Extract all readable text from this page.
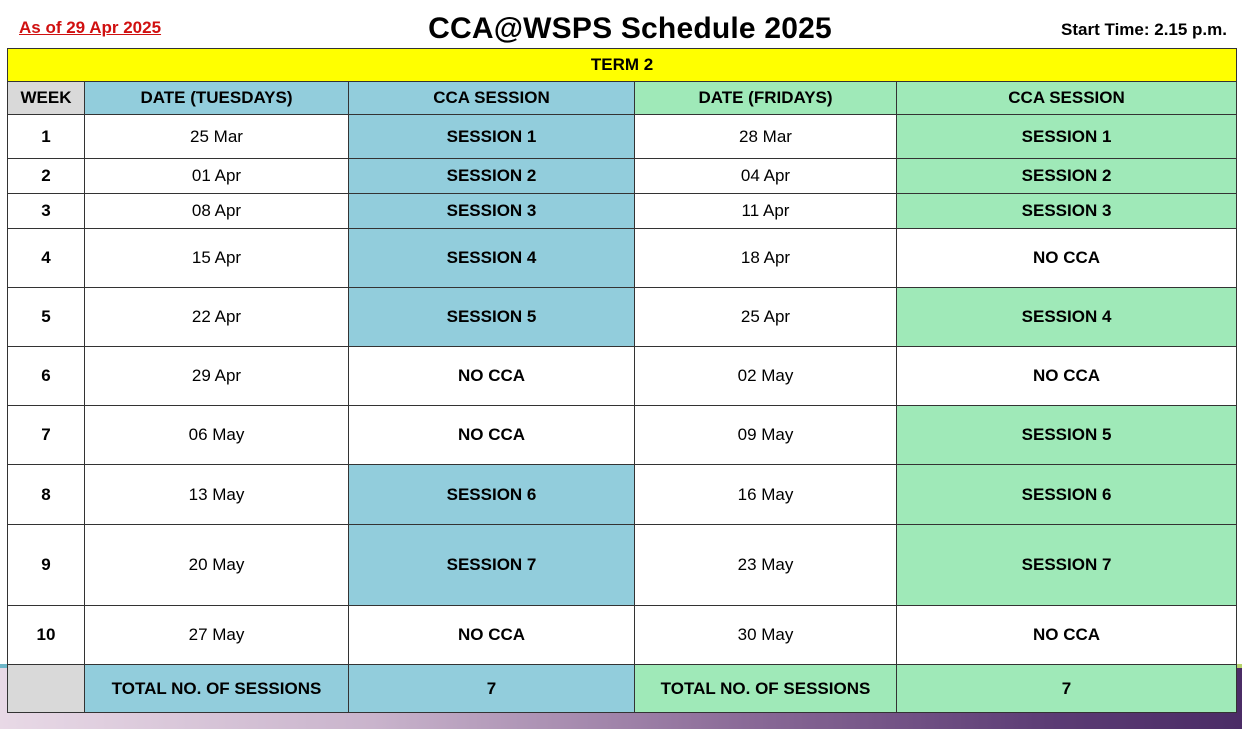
As of 29 Apr 2025	CCA@WSPS Schedule 2025	Start Time: 2.15 p.m.
TERM 2				
WEEK	DATE (TUESDAYS)	CCA SESSION	DATE (FRIDAYS)	CCA SESSION
1	25 Mar	SESSION 1	28 Mar	SESSION 1
2	01 Apr	SESSION 2	04 Apr	SESSION 2
3	08 Apr	SESSION 3	11 Apr	SESSION 3
4	15 Apr	SESSION 4	18 Apr	NO CCA
5	22 Apr	SESSION 5	25 Apr	SESSION 4
6	29 Apr	NO CCA	02 May	NO CCA
7	06 May	NO CCA	09 May	SESSION 5
8	13 May	SESSION 6	16 May	SESSION 6
9	20 May	SESSION 7	23 May	SESSION 7
10	27 May	NO CCA	30 May	NO CCA
	TOTAL NO. OF SESSIONS	7	TOTAL NO. OF SESSIONS	7
